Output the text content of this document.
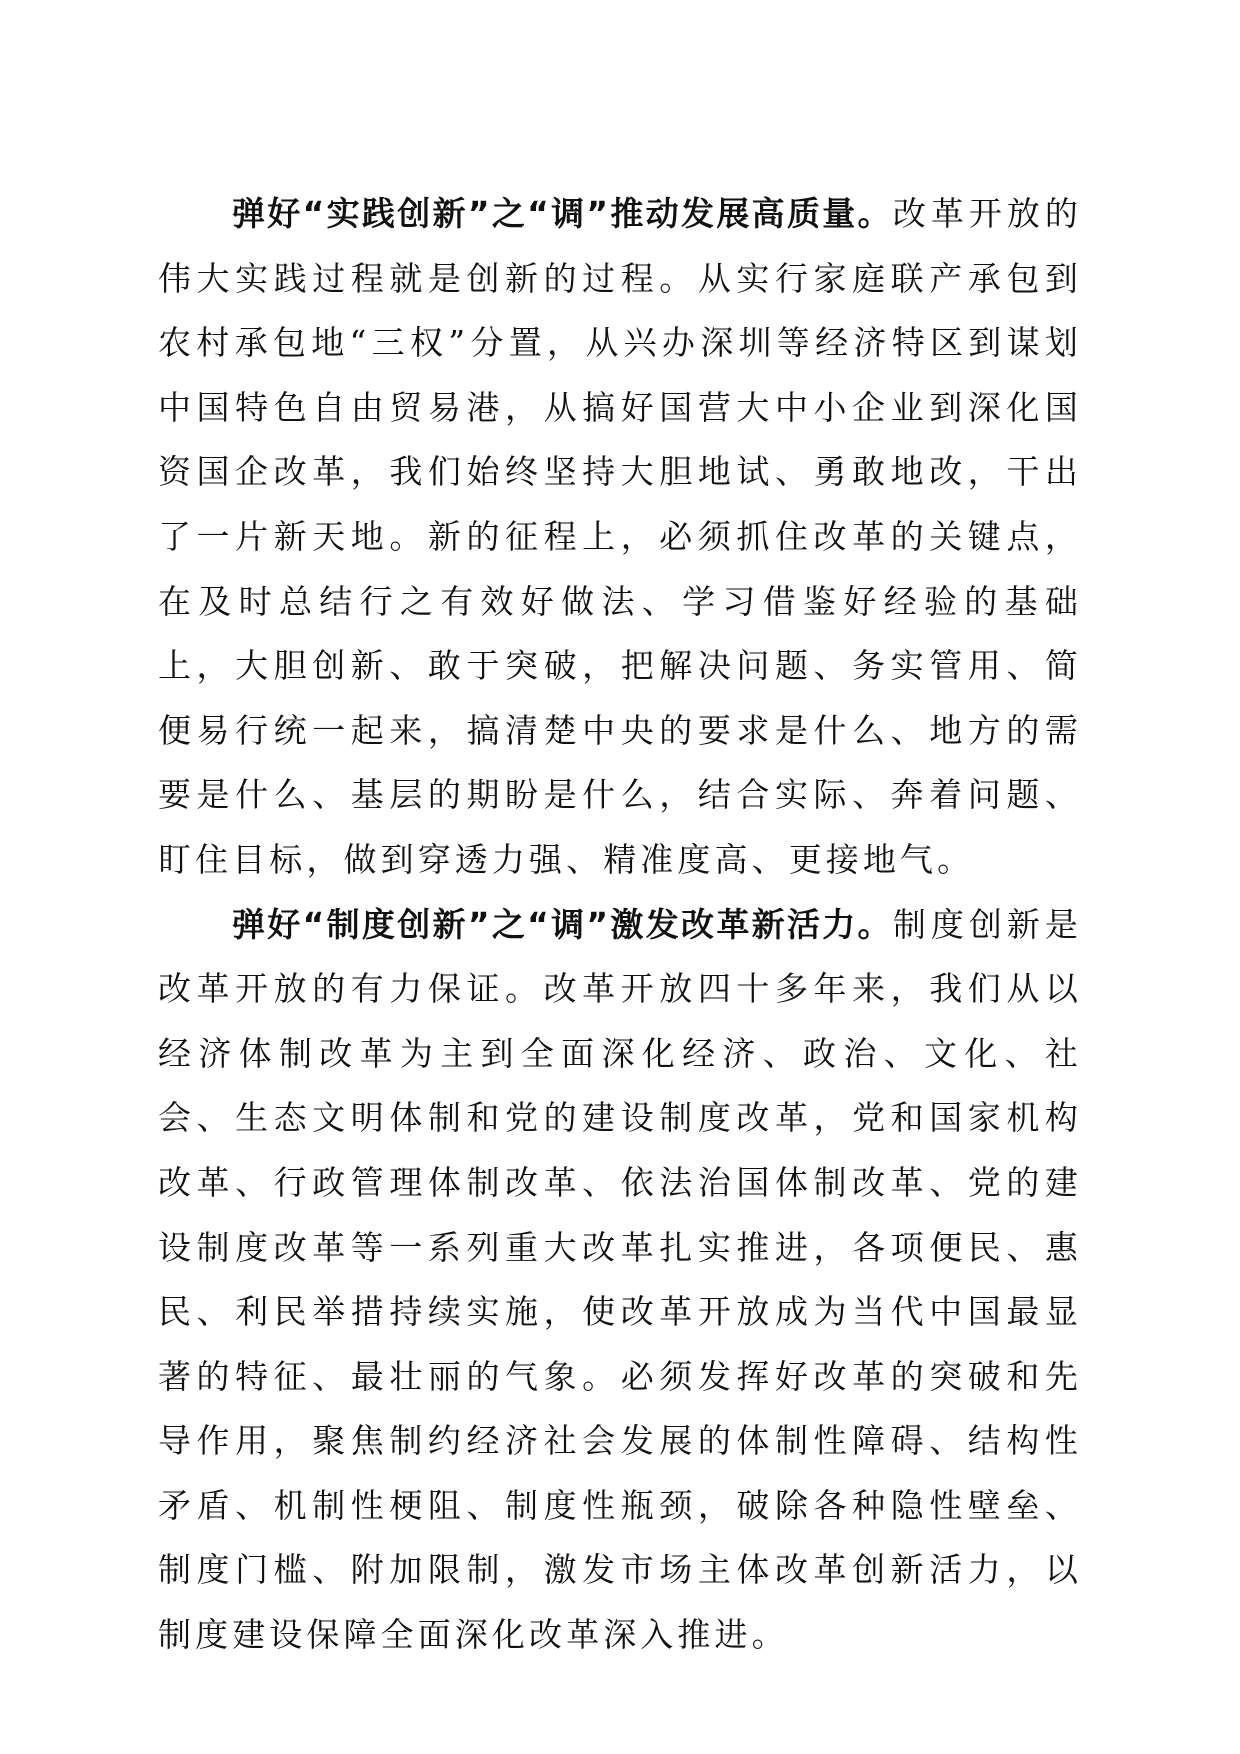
弹好“实践创新”之“调”推动发展高质量。改革开放的伟大实践过程就是创新的过程。从实行家庭联产承包到农村承包地“三权”分置，从兴办深圳等经济特区到谋划中国特色自由贸易港，从搞好国营大中小企业到深化国资国企改革，我们始终坚持大胆地试、勇敢地改，干出了一片新天地。新的征程上，必须抓住改革的关键点，在及时总结行之有效好做法、学习借鉴好经验的基础上，大胆创新、敢于突破，把解决问题、务实管用、简便易行统一起来，搞清楚中央的要求是什么、地方的需要是什么、基层的期盼是什么，结合实际、奔着问题、盯住目标，做到穿透力强、精准度高、更接地气。

弹好“制度创新”之“调”激发改革新活力。制度创新是改革开放的有力保证。改革开放四十多年来，我们从以经济体制改革为主到全面深化经济、政治、文化、社会、生态文明体制和党的建设制度改革，党和国家机构改革、行政管理体制改革、依法治国体制改革、党的建设制度改革等一系列重大改革扎实推进，各项便民、惠民、利民举措持续实施，使改革开放成为当代中国最显著的特征、最壮丽的气象。必须发挥好改革的突破和先导作用，聚焦制约经济社会发展的体制性障碍、结构性矛盾、机制性梗阻、制度性瓶颈，破除各种隐性壁垒、制度门槛、附加限制，激发市场主体改革创新活力，以制度建设保障全面深化改革深入推进。
